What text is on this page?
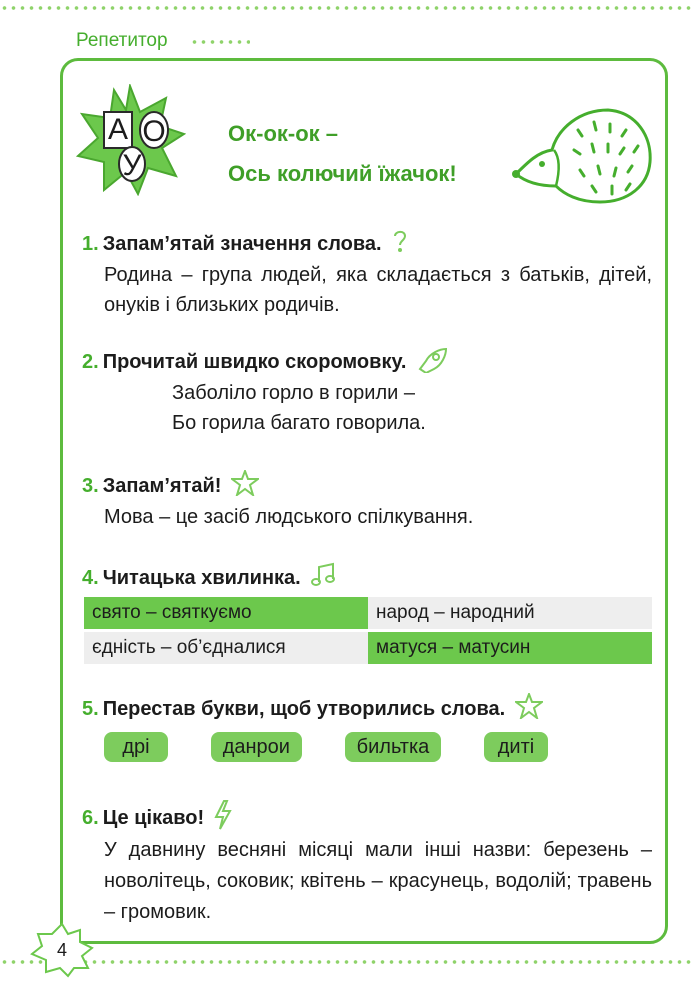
Репетитор
А О
У
Ок-ок-ок –
Ось колючий їжачок!
1. Запам’ятай значення слова.
Родина – група людей, яка складається з батьків, дітей, онуків і близьких родичів.
2. Прочитай швидко скоромовку.
Заболіло горло в горили –
Бо горила багато говорила.
3. Запам’ятай!
Мова – це засіб людського спілкування.
4. Читацька хвилинка.
свято – святкуємо	народ – народний
єдність – об’єдналися	матуся – матусин
5. Перестав букви, щоб утворились слова.
дрі	данрои	бильтка	диті
6. Це цікаво!
У давнину весняні місяці мали інші назви: березень – новолітець, соковик; квітень – красунець, водолій; травень – громовик.
4
